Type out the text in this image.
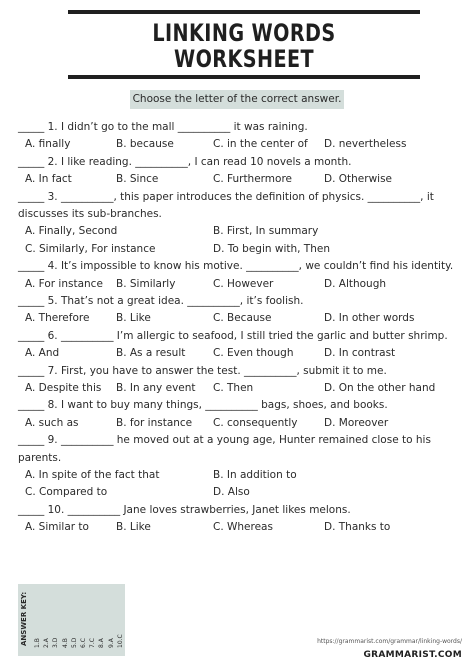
LINKING WORDS
WORKSHEET
Choose the letter of the correct answer.
_____ 1. I didn’t go to the mall __________ it was raining.
A. finally	B. because	C. in the center of D. nevertheless
_____ 2. I like reading. __________, I can read 10 novels a month.
A. In fact	B. Since	C. Furthermore	D. Otherwise
_____ 3. __________, this paper introduces the definition of physics. __________, it
discusses its sub-branches.
A. Finally, Second	B. First, In summary
C. Similarly, For instance	D. To begin with, Then
_____ 4. It’s impossible to know his motive. __________, we couldn’t find his identity.
A. For instance B. Similarly	C. However	D. Although
_____ 5. That’s not a great idea. __________, it’s foolish.
A. Therefore	B. Like	C. Because	D. In other words
_____ 6. __________ I’m allergic to seafood, I still tried the garlic and butter shrimp.
A. And	B. As a result	C. Even though	D. In contrast
_____ 7. First, you have to answer the test. __________, submit it to me.
A. Despite this B. In any event C. Then	D. On the other hand
_____ 8. I want to buy many things, __________ bags, shoes, and books.
A. such as	B. for instance C. consequently	D. Moreover
_____ 9. __________ he moved out at a young age, Hunter remained close to his
parents.
A. In spite of the fact that	B. In addition to
C. Compared to	D. Also
_____ 10. __________ Jane loves strawberries, Janet likes melons.
A. Similar to	B. Like	C. Whereas	D. Thanks to
ANSWER KEY: 1.B 2.A 3.D 4.B 5.D 6.C 7.C 8.A 9.A 10.C	https://grammarist.com/grammar/linking-words/
GRAMMARIST.COM
